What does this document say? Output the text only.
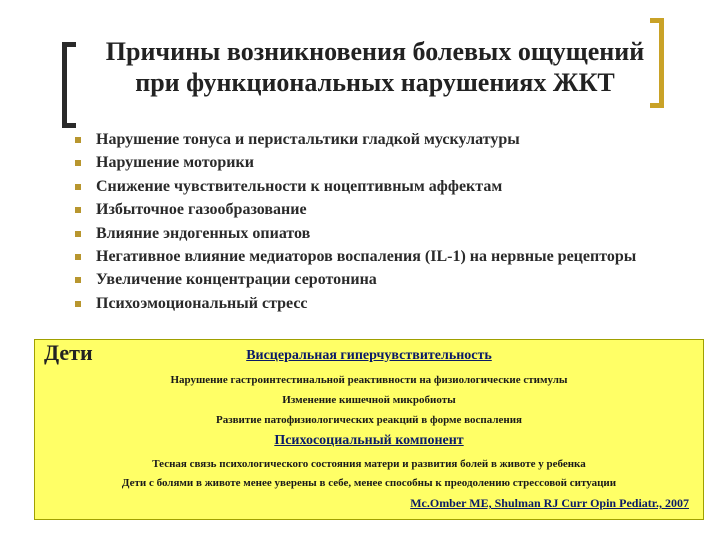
Причины возникновения болевых ощущений
при функциональных нарушениях ЖКТ
Нарушение тонуса и перистальтики гладкой мускулатуры
Нарушение моторики
Снижение чувствительности к ноцептивным аффектам
Избыточное газообразование
Влияние эндогенных опиатов
Негативное влияние медиаторов воспаления (IL-1) на нервные рецепторы
Увеличение концентрации серотонина
Психоэмоциональный стресс
Висцеральная гиперчувствительность
Нарушение гастроинтестинальной реактивности на физиологические стимулы
Изменение кишечной микробиоты
Развитие патофизиологических реакций в форме воспаления
Психосоциальный компонент
Тесная связь психологического состояния матери и развития болей в животе у ребенка
Дети с болями в животе менее уверены в себе, менее способны к преодолению стрессовой ситуации
Mc.Omber ME, Shulman RJ Curr Opin Pediatr., 2007
Дети
